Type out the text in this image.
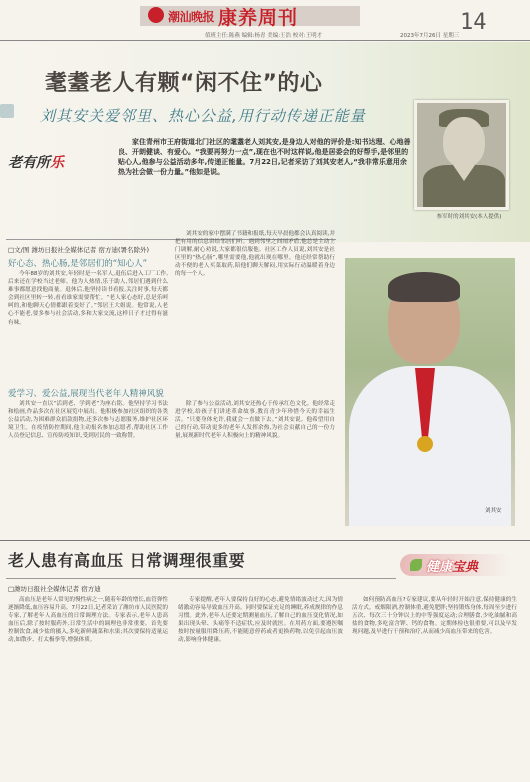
潮汕晚报 康养周刊	14
值班主任:陈燕 编辑:杨青 美编:王浩 校对:王明才	2023年7月26日 星期三
耄耋老人有颗“闲不住”的心
刘其安关爱邻里、热心公益,用行动传递正能量
老有所乐
家住青州市王府街道北门社区的耄耋老人刘其安,是身边人对他的评价是:知书达理、心地善良、开朗健谈、有爱心。“我要再努力一点”,现在也不时这样说,他是居委会的好帮手,是邻里的贴心人,他参与公益活动多年,传递正能量。7月22日,记者采访了刘其安老人,“我非常乐意用余热为社会做一份力量。”他如是说。
参军时的刘其安(本人提供)
□文/图 潍坊日报社全媒体记者 宿方迪(署名除外)
好心态、热心肠,是邻居们的“知心人”
今年88岁的刘其安,年轻时是一名军人,退伍后进入工厂工作,后来还在学校当过老师。他为人热情,乐于助人,邻居们遇到什么难事都愿意找他商量。退休后,他坚持读书看报,关注时事,每天都会到社区里转一转,看看谁家需要帮忙。“老人家心态好,总是乐呵呵的,和他聊天心情都跟着变好了。”邻居王大姐说。他常说,人老心不能老,要多参与社会活动,多和大家交流,这样日子才过得有滋有味。
刘其安的家中摆满了书籍和报纸,每天早晨他都会认真阅读,并把有用的信息讲给邻居们听。遇到邻里之间闹矛盾,他总是主动上门调解,耐心劝说,大家都很信服他。社区工作人员说,刘其安是社区里的“热心肠”,哪里需要他,他就出现在哪里。他还经常帮助行动不便的老人买菜取药,陪他们聊天解闷,用实际行动温暖着身边的每一个人。
爱学习、爱公益,展现当代老年人精神风貌
刘其安一直以“活到老、学到老”为座右铭。他坚持学习书法和绘画,作品多次在社区展览中展出。他积极参加社区组织的各类公益活动,为困难群众捐款捐物,还多次参与志愿服务,维护社区环境卫生。在疫情防控期间,他主动报名参加志愿者,帮助社区工作人员登记信息、宣传防疫知识,受到居民的一致称赞。
除了参与公益活动,刘其安还热心于传承红色文化。他经常走进学校,给孩子们讲述革命故事,教育青少年珍惜今天的幸福生活。“只要身体允许,我就会一直做下去。”刘其安说。他希望用自己的行动,带动更多的老年人发挥余热,为社会贡献自己的一份力量,展现新时代老年人积极向上的精神风貌。
刘其安
老人患有高血压 日常调理很重要	健康宝典
□潍坊日报社全媒体记者 宿方迪
高血压是老年人常见的慢性病之一,随着年龄的增长,血管弹性逐渐降低,血压容易升高。7月22日,记者采访了潍坊市人民医院的专家,了解老年人高血压的日常调理方法。专家表示,老年人患高血压后,除了按时服药外,日常生活中的调理也非常重要。首先要控制饮食,减少盐的摄入,多吃新鲜蔬菜和水果;其次要保持适量运动,如散步、打太极拳等,增强体质。
专家提醒,老年人要保持良好的心态,避免情绪波动过大,因为情绪激动容易导致血压升高。同时要保证充足的睡眠,养成规律的作息习惯。此外,老年人还要定期测量血压,了解自己的血压变化情况,如果出现头晕、头痛等不适症状,应及时就医。在用药方面,要遵医嘱按时按量服用降压药,不能随意停药或者更换药物,以免引起血压波动,影响身体健康。
如何预防高血压?专家建议,要从年轻时开始注意,保持健康的生活方式。戒烟限酒,控制体重,避免肥胖;坚持锻炼身体,每周至少进行五次、每次三十分钟以上的中等强度运动;合理膳食,少吃油腻和高盐的食物,多吃富含钾、钙的食物。定期体检也很重要,可以及早发现问题,及早进行干预和治疗,从而减少高血压带来的危害。
